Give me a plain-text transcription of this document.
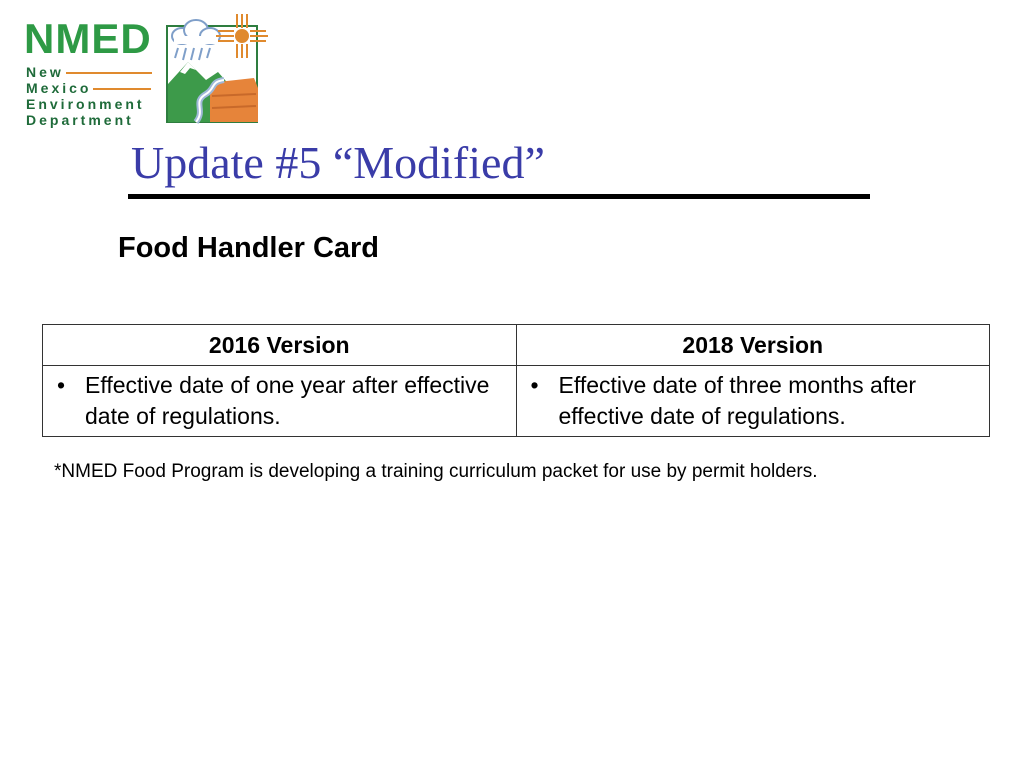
NMED
New
Mexico
Environment
Department
Update #5 “Modified”
Food Handler Card
2016 Version	2018 Version

• Effective date of one year after effective date of regulations.	• Effective date of three months after effective date of regulations.
*NMED Food Program is developing a training curriculum packet for use by permit holders.
